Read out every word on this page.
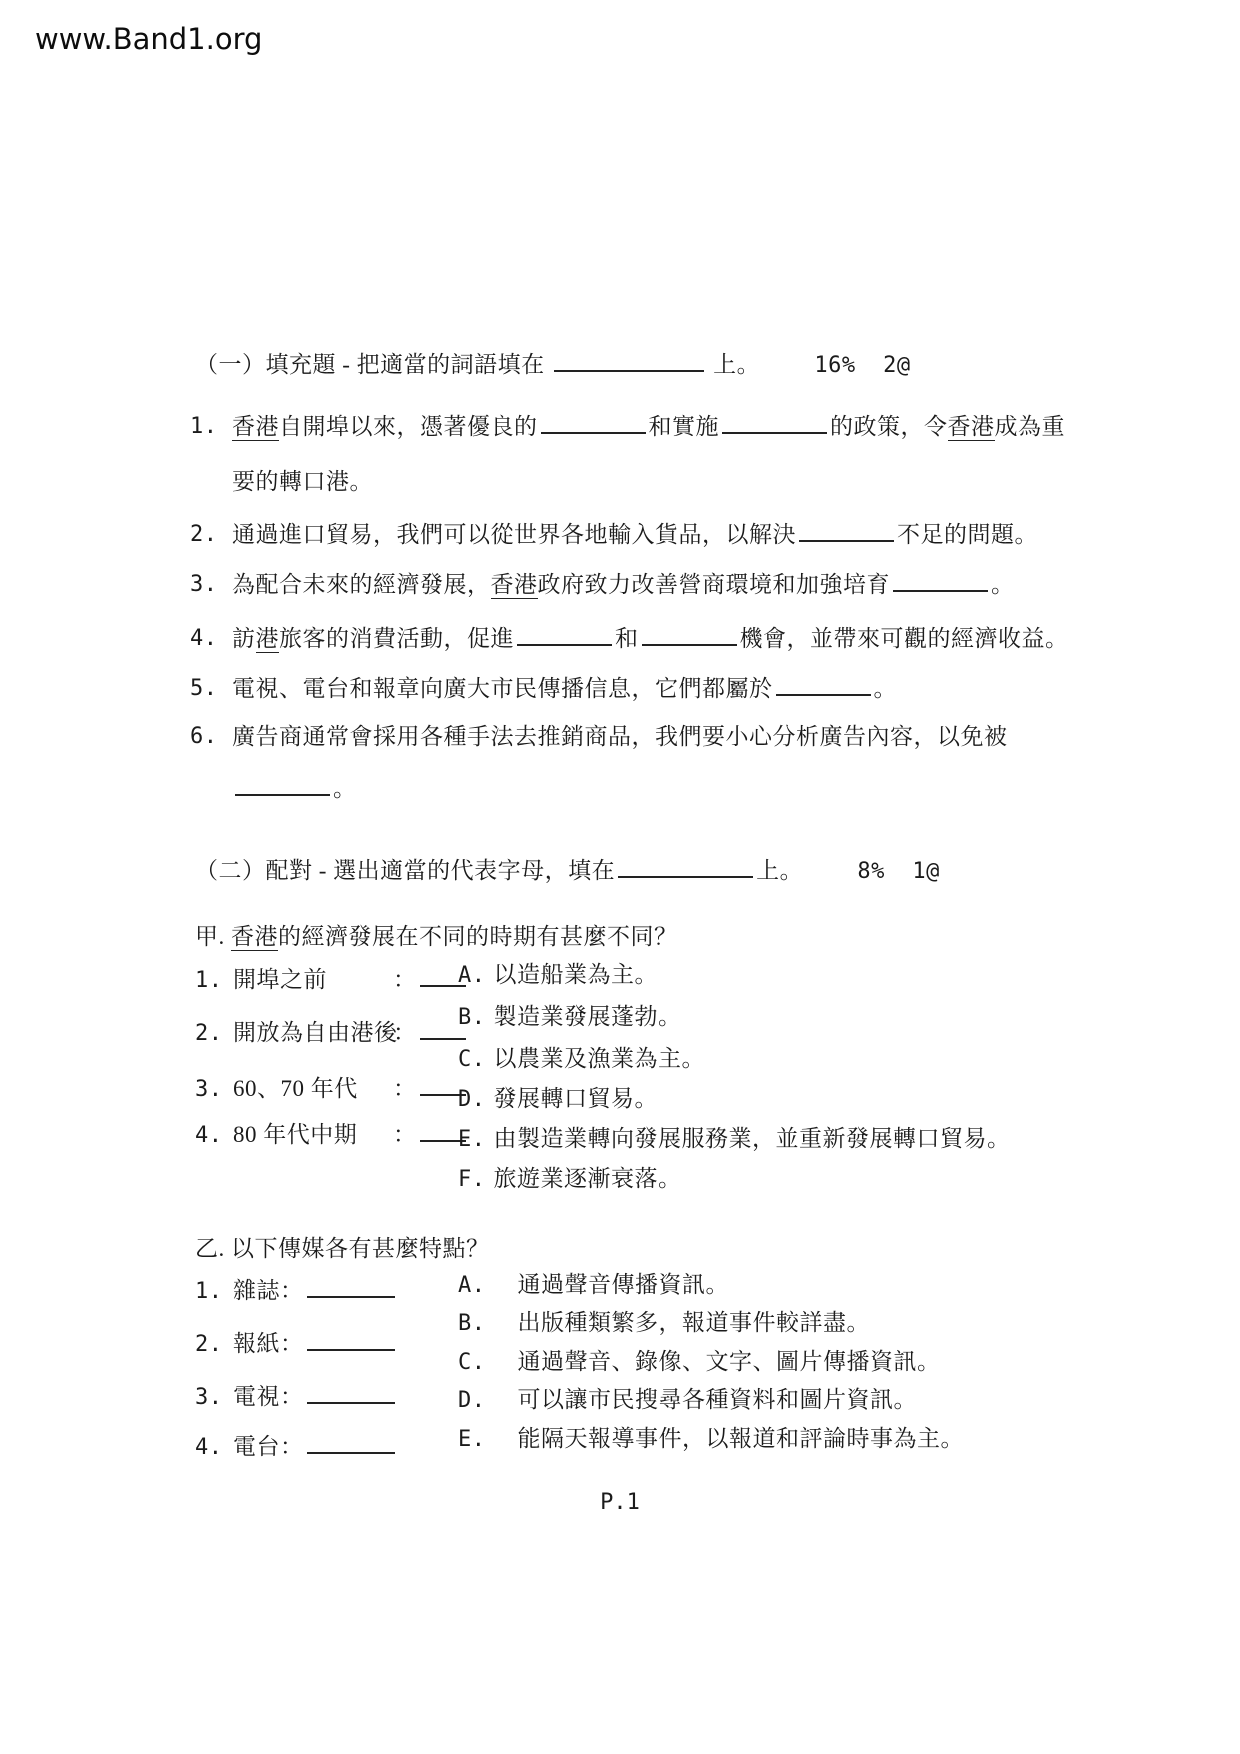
www.Band1.org
（一）填充題 - 把適當的詞語填在	上。 16%  2@
1. 香港自開埠以來，憑著優良的	和實施	的政策，令香港成為重
要的轉口港。
2. 通過進口貿易，我們可以從世界各地輸入貨品，以解決	不足的問題。
3. 為配合未來的經濟發展，香港政府致力改善營商環境和加強培育	。
4. 訪港旅客的消費活動，促進	和	機會，並帶來可觀的經濟收益。
5. 電視、電台和報章向廣大市民傳播信息，它們都屬於	。
6. 廣告商通常會採用各種手法去推銷商品，我們要小心分析廣告內容，以免被
。
（二）配對 - 選出適當的代表字母，填在	上。 8%  1@
甲. 香港的經濟發展在不同的時期有甚麼不同？
1. 開埠之前	：
2. 開放為自由港後
：
3. 60、70 年代	：
4. 80 年代中期	：
A. 以造船業為主。
B. 製造業發展蓬勃。
C. 以農業及漁業為主。
D. 發展轉口貿易。
E. 由製造業轉向發展服務業，並重新發展轉口貿易。
F. 旅遊業逐漸衰落。
乙. 以下傳媒各有甚麼特點？
1. 雜誌 ：
2. 報紙 ：
3. 電視 ：
4. 電台 ：
A. 通過聲音傳播資訊。
B. 出版種類繁多，報道事件較詳盡。
C. 通過聲音、錄像、文字、圖片傳播資訊。
D. 可以讓市民搜尋各種資料和圖片資訊。
E. 能隔天報導事件，以報道和評論時事為主。
P.1
